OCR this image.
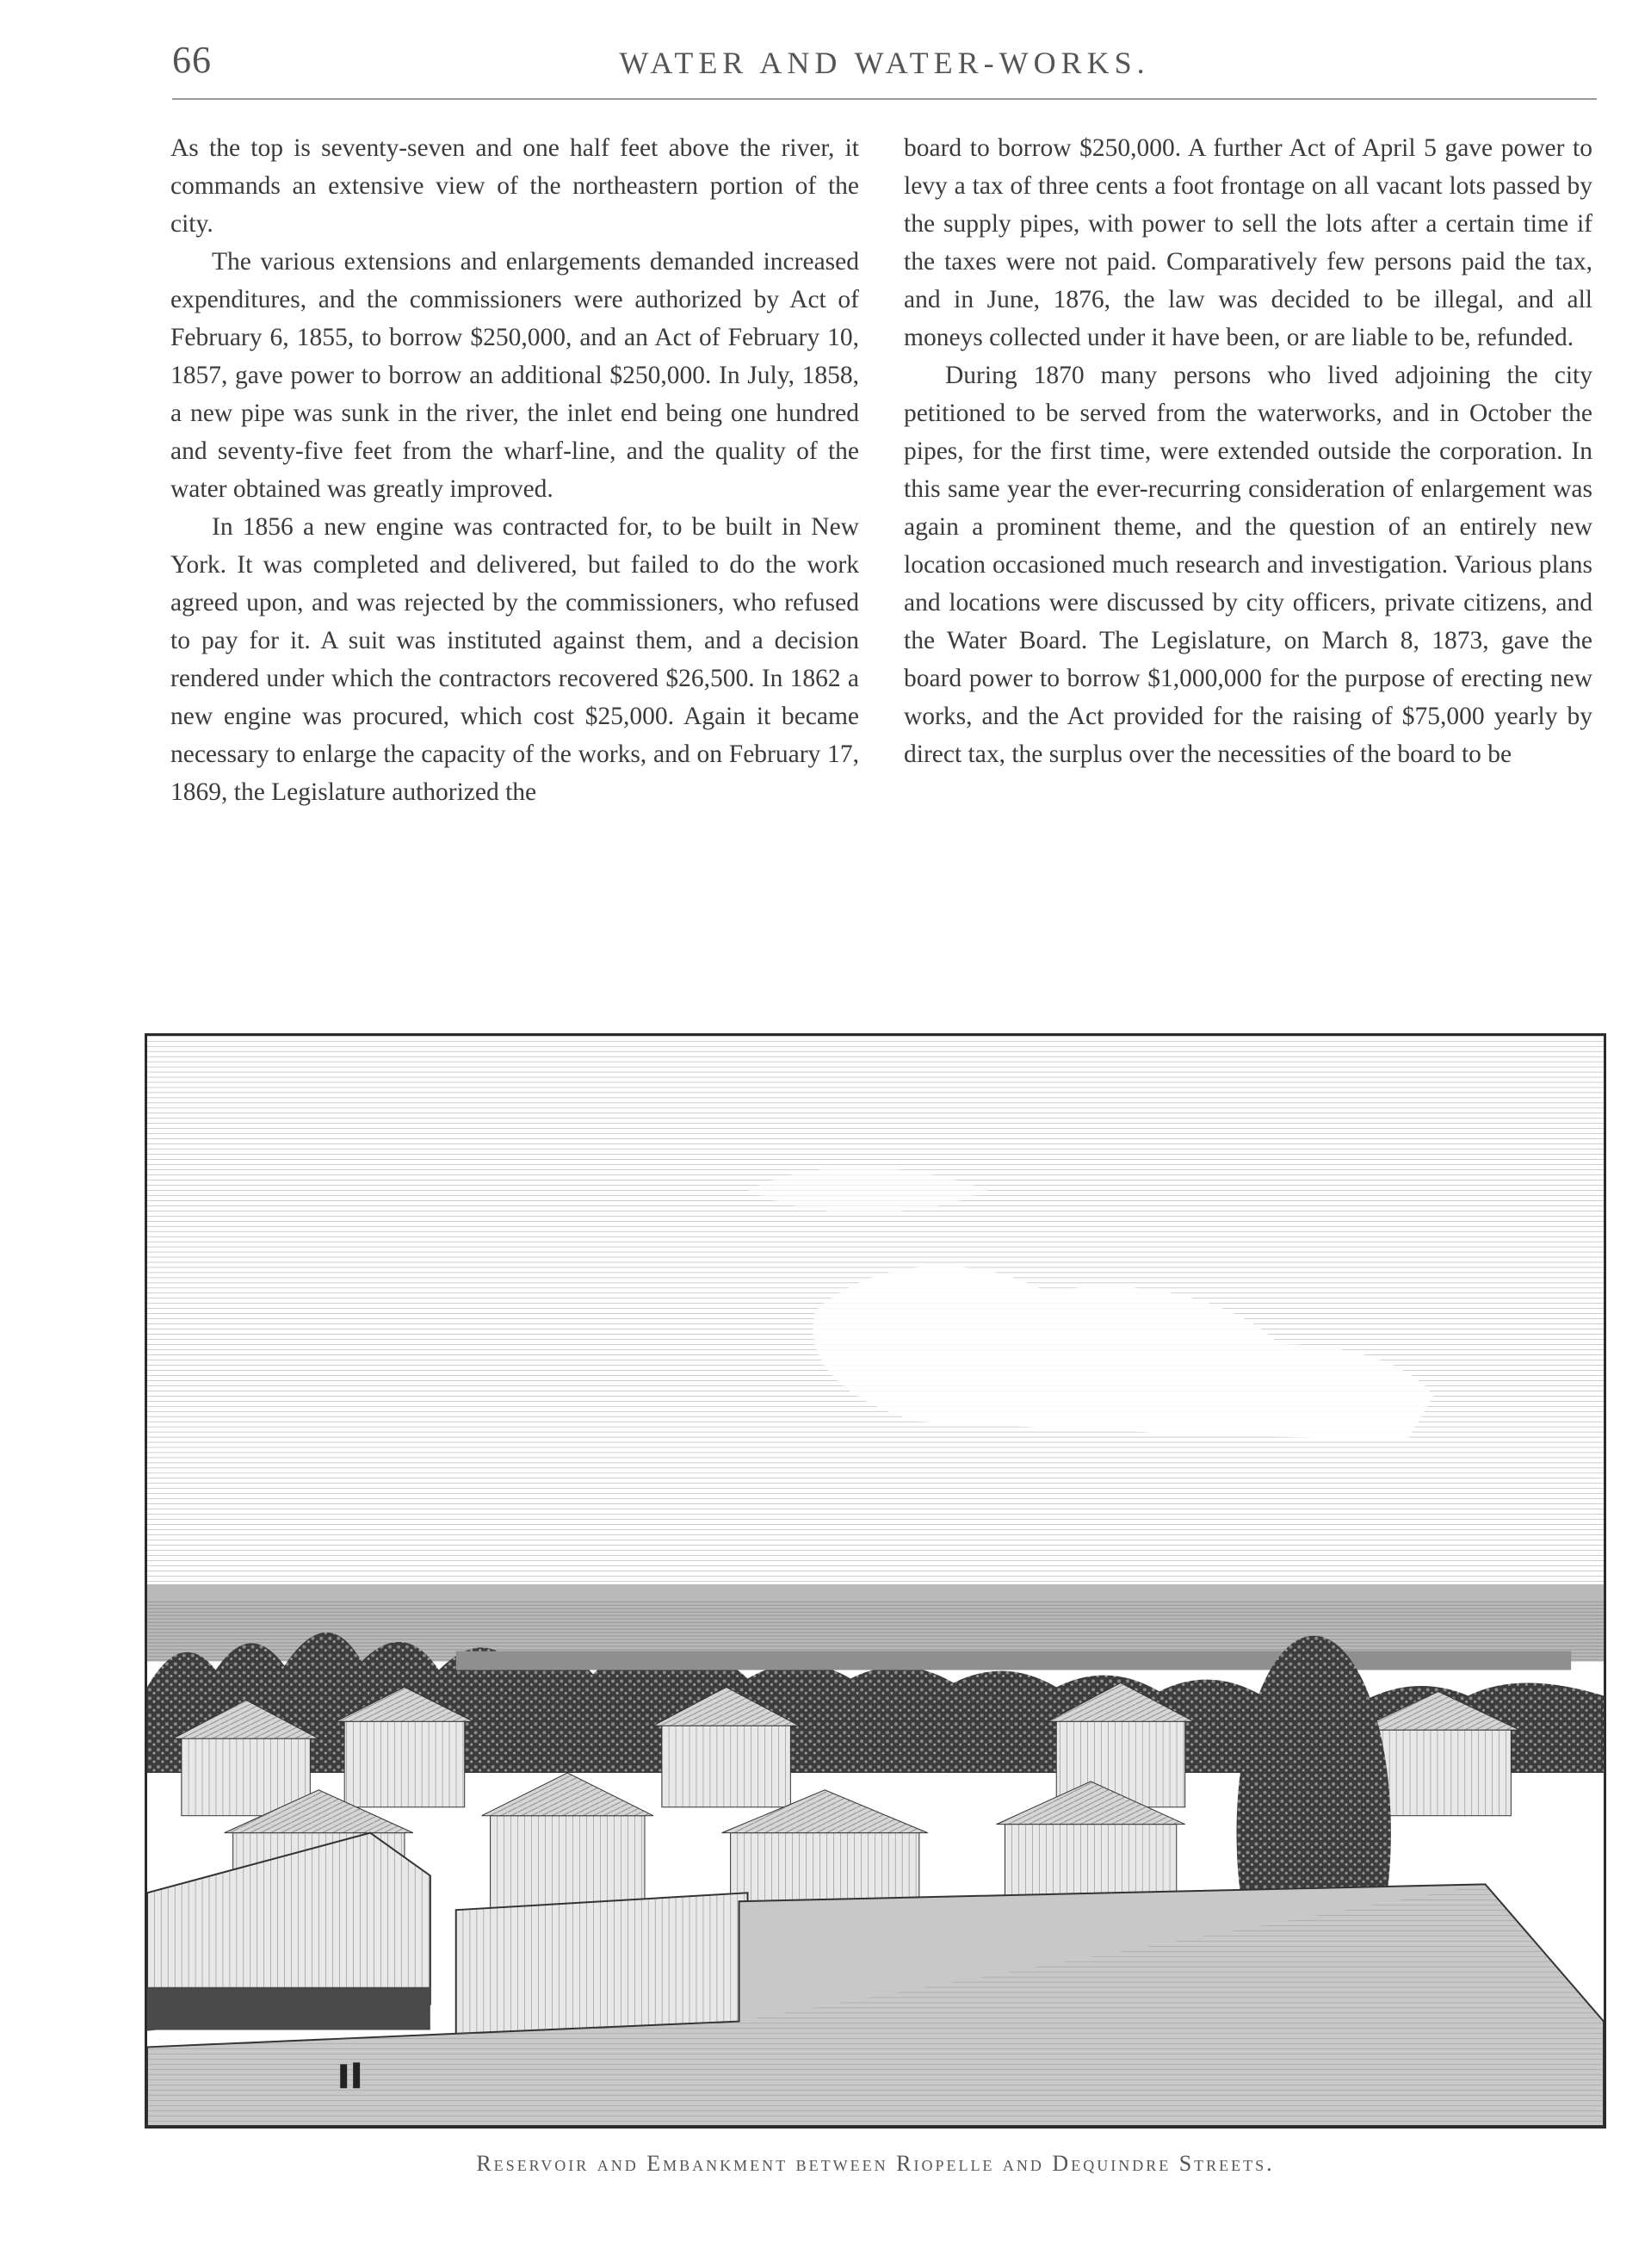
66	WATER AND WATER-WORKS.

As the top is seventy-seven and one half feet above the river, it commands an extensive view of the northeastern portion of the city.

The various extensions and enlargements demanded increased expenditures, and the commissioners were authorized by Act of February 6, 1855, to borrow $250,000, and an Act of February 10, 1857, gave power to borrow an additional $250,000. In July, 1858, a new pipe was sunk in the river, the inlet end being one hundred and seventy-five feet from the wharf-line, and the quality of the water obtained was greatly improved.

In 1856 a new engine was contracted for, to be built in New York. It was completed and delivered, but failed to do the work agreed upon, and was rejected by the commissioners, who refused to pay for it. A suit was instituted against them, and a decision rendered under which the contractors recovered $26,500. In 1862 a new engine was procured, which cost $25,000. Again it became necessary to enlarge the capacity of the works, and on February 17, 1869, the Legislature authorized the

board to borrow $250,000. A further Act of April 5 gave power to levy a tax of three cents a foot frontage on all vacant lots passed by the supply pipes, with power to sell the lots after a certain time if the taxes were not paid. Comparatively few persons paid the tax, and in June, 1876, the law was decided to be illegal, and all moneys collected under it have been, or are liable to be, refunded.

During 1870 many persons who lived adjoining the city petitioned to be served from the waterworks, and in October the pipes, for the first time, were extended outside the corporation. In this same year the ever-recurring consideration of enlargement was again a prominent theme, and the question of an entirely new location occasioned much research and investigation. Various plans and locations were discussed by city officers, private citizens, and the Water Board. The Legislature, on March 8, 1873, gave the board power to borrow $1,000,000 for the purpose of erecting new works, and the Act provided for the raising of $75,000 yearly by direct tax, the surplus over the necessities of the board to be

Reservoir and Embankment between Riopelle and Dequindre Streets.
